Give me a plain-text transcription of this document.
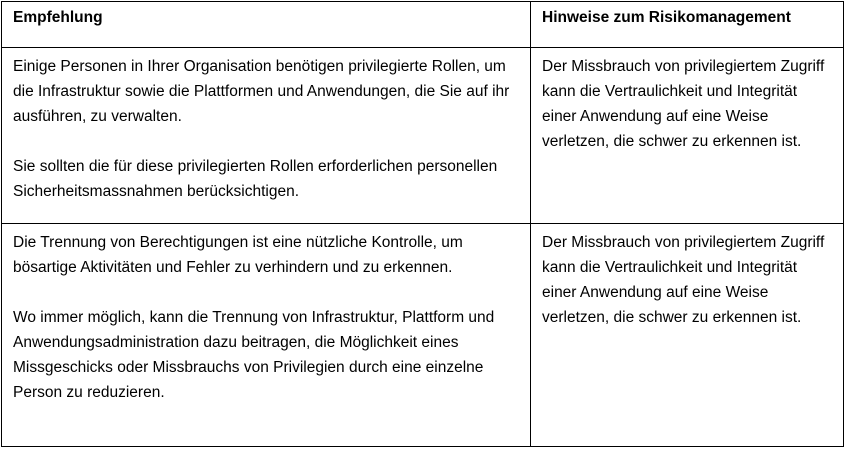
Empfehlung	Hinweise zum Risikomanagement

Einige Personen in Ihrer Organisation benötigen privilegierte Rollen, um die Infrastruktur sowie die Plattformen und Anwendungen, die Sie auf ihr ausführen, zu verwalten.

Sie sollten die für diese privilegierten Rollen erforderlichen personellen Sicherheitsmassnahmen berücksichtigen.	Der Missbrauch von privilegiertem Zugriff kann die Vertraulichkeit und Integrität einer Anwendung auf eine Weise verletzen, die schwer zu erkennen ist.

Die Trennung von Berechtigungen ist eine nützliche Kontrolle, um bösartige Aktivitäten und Fehler zu verhindern und zu erkennen.

Wo immer möglich, kann die Trennung von Infrastruktur, Plattform und Anwendungsadministration dazu beitragen, die Möglichkeit eines Missgeschicks oder Missbrauchs von Privilegien durch eine einzelne Person zu reduzieren.	Der Missbrauch von privilegiertem Zugriff kann die Vertraulichkeit und Integrität einer Anwendung auf eine Weise verletzen, die schwer zu erkennen ist.
